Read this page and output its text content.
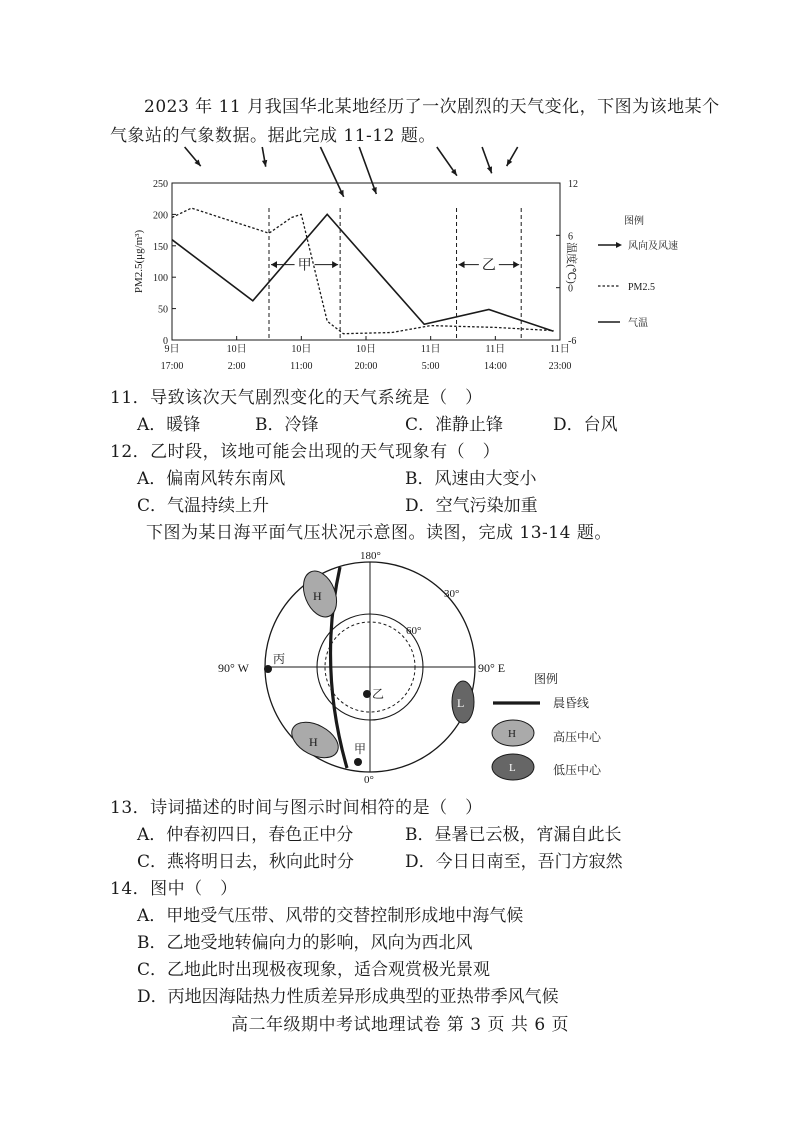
2023 年 11 月我国华北某地经历了一次剧烈的天气变化，下图为该地某个
气象站的气象数据。据此完成 11-12 题。
250
200
150
100
50
0
12
6
0
-6
9日
17:00
10日
2:00
10日
11:00
10日
20:00
11日
5:00
11日
14:00
11日
23:00
PM2.5(μg/m³)	温度(℃)
甲	乙
图例
风向及风速
PM2.5
气温
11．导致该次天气剧烈变化的天气系统是（　）
A．暖锋	B．冷锋	C．准静止锋	D．台风
12．乙时段，该地可能会出现的天气现象有（　）
A．偏南风转东南风	B．风速由大变小
C．气温持续上升	D．空气污染加重
下图为某日海平面气压状况示意图。读图，完成 13-14 题。
180°
0°
90° W	90° E
30°
60°
丙
乙
甲
H
H
L
图例
晨昏线
H	高压中心
L	低压中心
13．诗词描述的时间与图示时间相符的是（　）
A．仲春初四日，春色正中分	B．昼暑已云极，宵漏自此长
C．燕将明日去，秋向此时分	D．今日日南至，吾门方寂然
14．图中（　）
A．甲地受气压带、风带的交替控制形成地中海气候
B．乙地受地转偏向力的影响，风向为西北风
C．乙地此时出现极夜现象，适合观赏极光景观
D．丙地因海陆热力性质差异形成典型的亚热带季风气候
高二年级期中考试地理试卷 第 3 页 共 6 页
